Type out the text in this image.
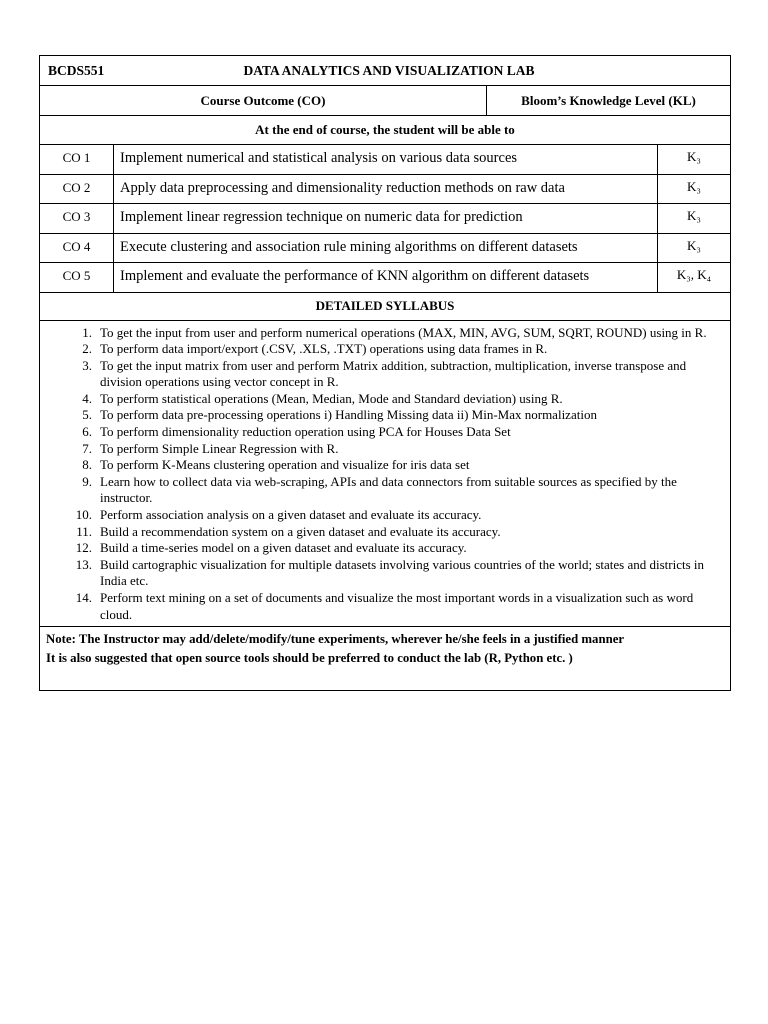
BCDS551	DATA ANALYTICS AND VISUALIZATION LAB
Course Outcome (CO)	Bloom’s Knowledge Level (KL)
At the end of course, the student will be able to
CO 1	Implement numerical and statistical analysis on various data sources	K₃
CO 2	Apply data preprocessing and dimensionality reduction methods on raw data	K₃
CO 3	Implement linear regression technique on numeric data for prediction	K₃
CO 4	Execute clustering and association rule mining algorithms on different datasets	K₃
CO 5	Implement and evaluate the performance of KNN algorithm on different datasets	K₃, K₄
DETAILED SYLLABUS
1. To get the input from user and perform numerical operations (MAX, MIN, AVG, SUM, SQRT, ROUND) using in R.
2. To perform data import/export (.CSV, .XLS, .TXT) operations using data frames in R.
3. To get the input matrix from user and perform Matrix addition, subtraction, multiplication, inverse transpose and division operations using vector concept in R.
4. To perform statistical operations (Mean, Median, Mode and Standard deviation) using R.
5. To perform data pre-processing operations i) Handling Missing data ii) Min-Max normalization
6. To perform dimensionality reduction operation using PCA for Houses Data Set
7. To perform Simple Linear Regression with R.
8. To perform K-Means clustering operation and visualize for iris data set
9. Learn how to collect data via web-scraping, APIs and data connectors from suitable sources as specified by the instructor.
10. Perform association analysis on a given dataset and evaluate its accuracy.
11. Build a recommendation system on a given dataset and evaluate its accuracy.
12. Build a time-series model on a given dataset and evaluate its accuracy.
13. Build cartographic visualization for multiple datasets involving various countries of the world; states and districts in India etc.
14. Perform text mining on a set of documents and visualize the most important words in a visualization such as word cloud.
Note: The Instructor may add/delete/modify/tune experiments, wherever he/she feels in a justified manner
It is also suggested that open source tools should be preferred to conduct the lab (R, Python etc. )
